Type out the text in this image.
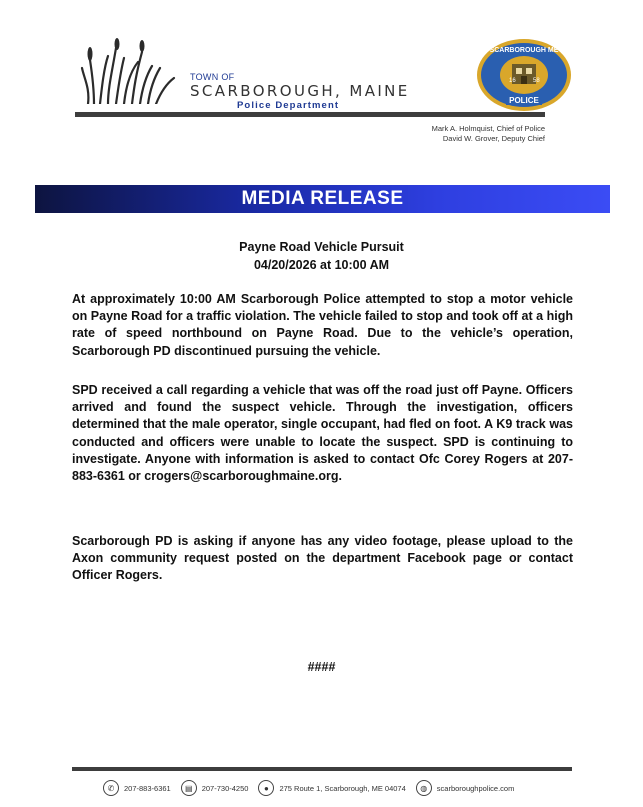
TOWN OF
SCARBOROUGH, MAINE
Police Department
16	58
SCARBOROUGH ME
POLICE
Mark A. Holmquist, Chief of Police
David W. Grover, Deputy Chief
MEDIA RELEASE
Payne Road Vehicle Pursuit
04/20/2026 at 10:00 AM
At approximately 10:00 AM Scarborough Police attempted to stop a motor vehicle on Payne Road for a traffic violation. The vehicle failed to stop and took off at a high rate of speed northbound on Payne Road. Due to the vehicle’s operation, Scarborough PD discontinued pursuing the vehicle.
SPD received a call regarding a vehicle that was off the road just off Payne. Officers arrived and found the suspect vehicle. Through the investigation, officers determined that the male operator, single occupant, had fled on foot. A K9 track was conducted and officers were unable to locate the suspect. SPD is continuing to investigate. Anyone with information is asked to contact Ofc Corey Rogers at 207-883-6361 or crogers@scarboroughmaine.org.
Scarborough PD is asking if anyone has any video footage, please upload to the Axon community request posted on the department Facebook page or contact Officer Rogers.
####
✆	207-883-6361	▤	207-730-4250	●	275 Route 1, Scarborough, ME 04074	◍	scarboroughpolice.com
